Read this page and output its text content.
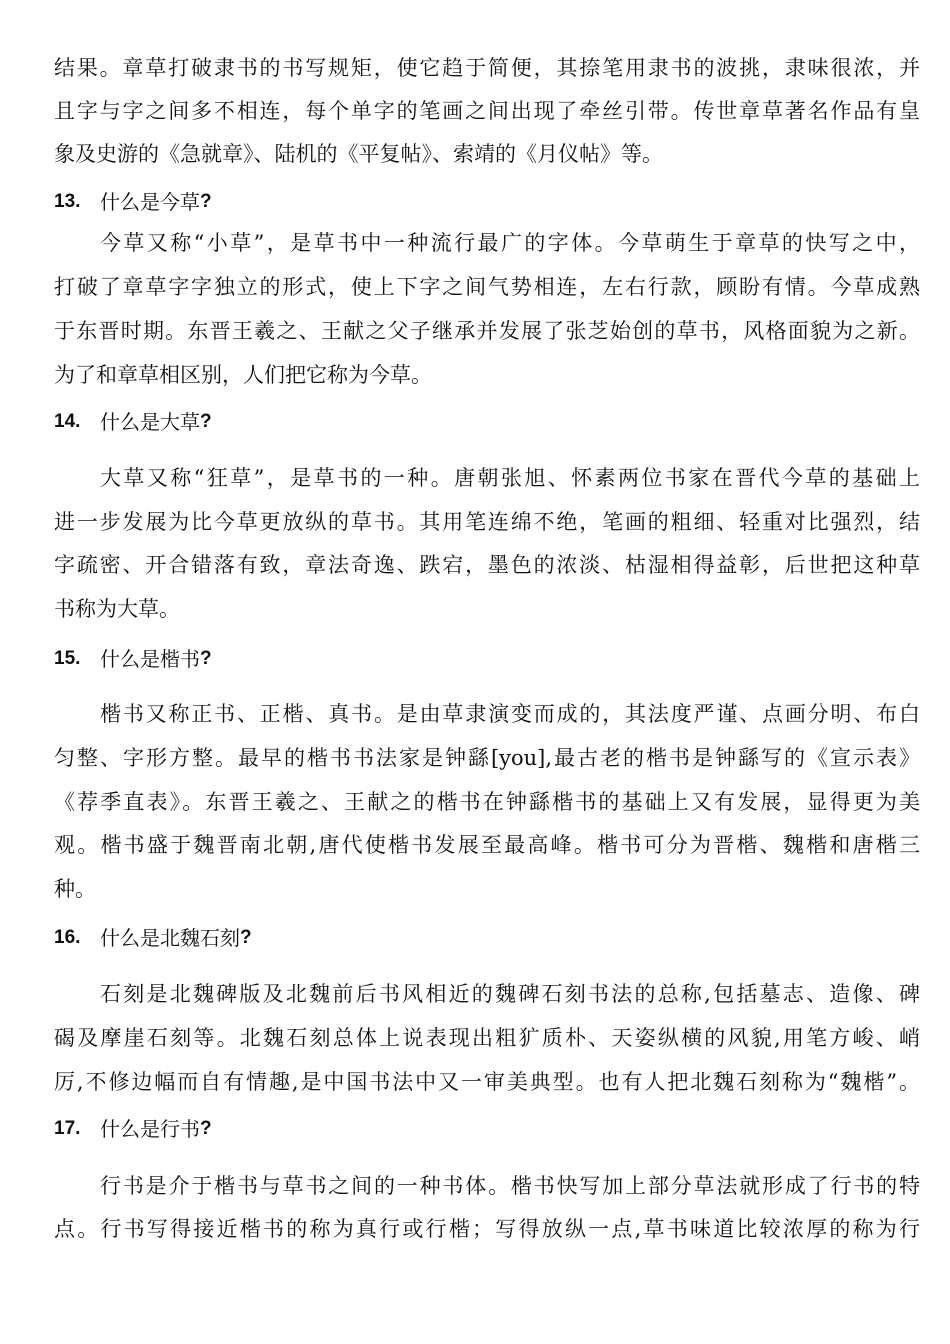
结果。章草打破隶书的书写规矩，使它趋于简便，其捺笔用隶书的波挑，隶味很浓，并
且字与字之间多不相连，每个单字的笔画之间出现了牵丝引带。传世章草著名作品有皇
象及史游的《急就章》、陆机的《平复帖》、索靖的《月仪帖》等。
13. 什么是今草 ?
今草又称“小草”，是草书中一种流行最广的字体。今草萌生于章草的快写之中，
打破了章草字字独立的形式，使上下字之间气势相连，左右行款，顾盼有情。今草成熟
于东晋时期。东晋王羲之、王献之父子继承并发展了张芝始创的草书，风格面貌为之新。
为了和章草相区别，人们把它称为今草。
14. 什么是大草 ?
大草又称“狂草”，是草书的一种。唐朝张旭、怀素两位书家在晋代今草的基础上
进一步发展为比今草更放纵的草书。其用笔连绵不绝，笔画的粗细、轻重对比强烈，结
字疏密、开合错落有致，章法奇逸、跌宕，墨色的浓淡、枯湿相得益彰，后世把这种草
书称为大草。
15. 什么是楷书 ?
楷书又称正书、正楷、真书。是由草隶演变而成的，其法度严谨、点画分明、布白
匀整、字形方整。最早的楷书书法家是钟繇[you],最古老的楷书是钟繇写的《宣示表》
《荐季直表》。东晋王羲之、王献之的楷书在钟繇楷书的基础上又有发展，显得更为美
观。楷书盛于魏晋南北朝,唐代使楷书发展至最高峰。楷书可分为晋楷、魏楷和唐楷三
种。
16. 什么是北魏石刻 ?
石刻是北魏碑版及北魏前后书风相近的魏碑石刻书法的总称,包括墓志、造像、碑
碣及摩崖石刻等。北魏石刻总体上说表现出粗犷质朴、天姿纵横的风貌,用笔方峻、峭
厉,不修边幅而自有情趣,是中国书法中又一审美典型。也有人把北魏石刻称为“魏楷”。
17. 什么是行书 ?
行书是介于楷书与草书之间的一种书体。楷书快写加上部分草法就形成了行书的特
点。行书写得接近楷书的称为真行或行楷；写得放纵一点,草书味道比较浓厚的称为行
